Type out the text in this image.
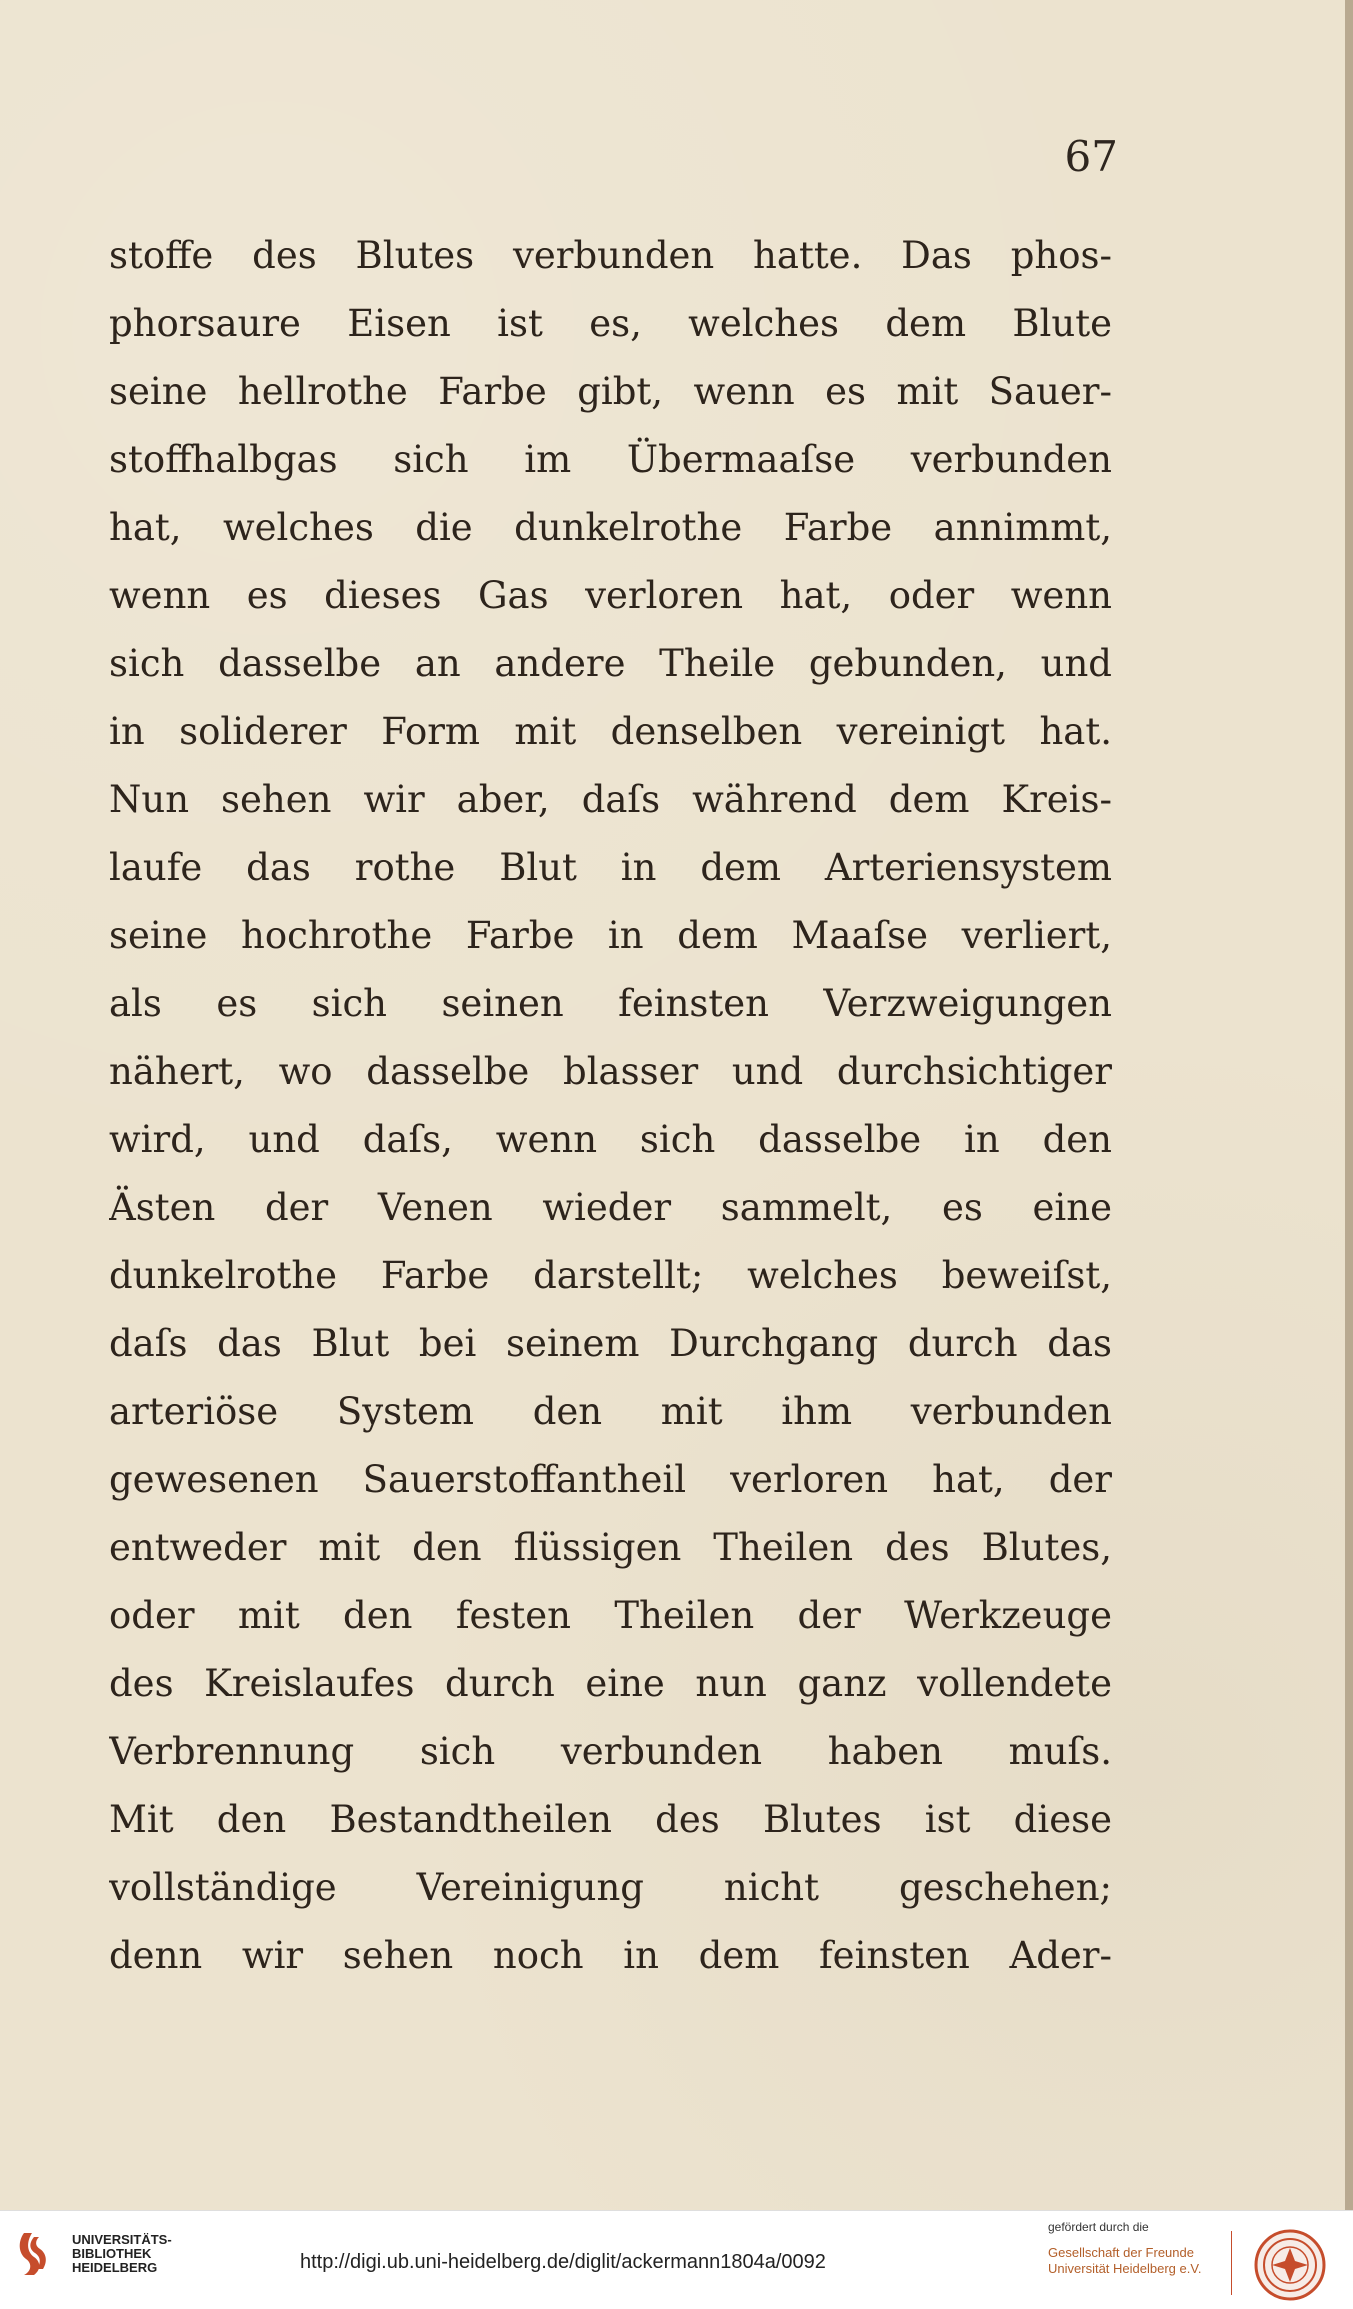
67
stoffe des Blutes verbunden hatte. Das phos-
phorsaure Eisen ist es, welches dem Blute
seine hellrothe Farbe gibt, wenn es mit Sauer-
stoffhalbgas sich im Übermaaſse verbunden
hat, welches die dunkelrothe Farbe annimmt,
wenn es dieses Gas verloren hat, oder wenn
sich dasselbe an andere Theile gebunden, und
in soliderer Form mit denselben vereinigt hat.
Nun sehen wir aber, daſs während dem Kreis-
laufe das rothe Blut in dem Arteriensystem
seine hochrothe Farbe in dem Maaſse verliert,
als es sich seinen feinsten Verzweigungen
nähert, wo dasselbe blasser und durchsichtiger
wird, und daſs, wenn sich dasselbe in den
Ästen der Venen wieder sammelt, es eine
dunkelrothe Farbe darstellt; welches beweiſst,
daſs das Blut bei seinem Durchgang durch das
arteriöse System den mit ihm verbunden
gewesenen Sauerstoffantheil verloren hat, der
entweder mit den flüssigen Theilen des Blutes,
oder mit den festen Theilen der Werkzeuge
des Kreislaufes durch eine nun ganz vollendete
Verbrennung sich verbunden haben muſs.
Mit den Bestandtheilen des Blutes ist diese
vollständige Vereinigung nicht geschehen;
denn wir sehen noch in dem feinsten Ader-
UNIVERSITÄTS-
BIBLIOTHEK
HEIDELBERG	http://digi.ub.uni-heidelberg.de/diglit/ackermann1804a/0092
gefördert durch die
Gesellschaft der Freunde
Universität Heidelberg e.V.
